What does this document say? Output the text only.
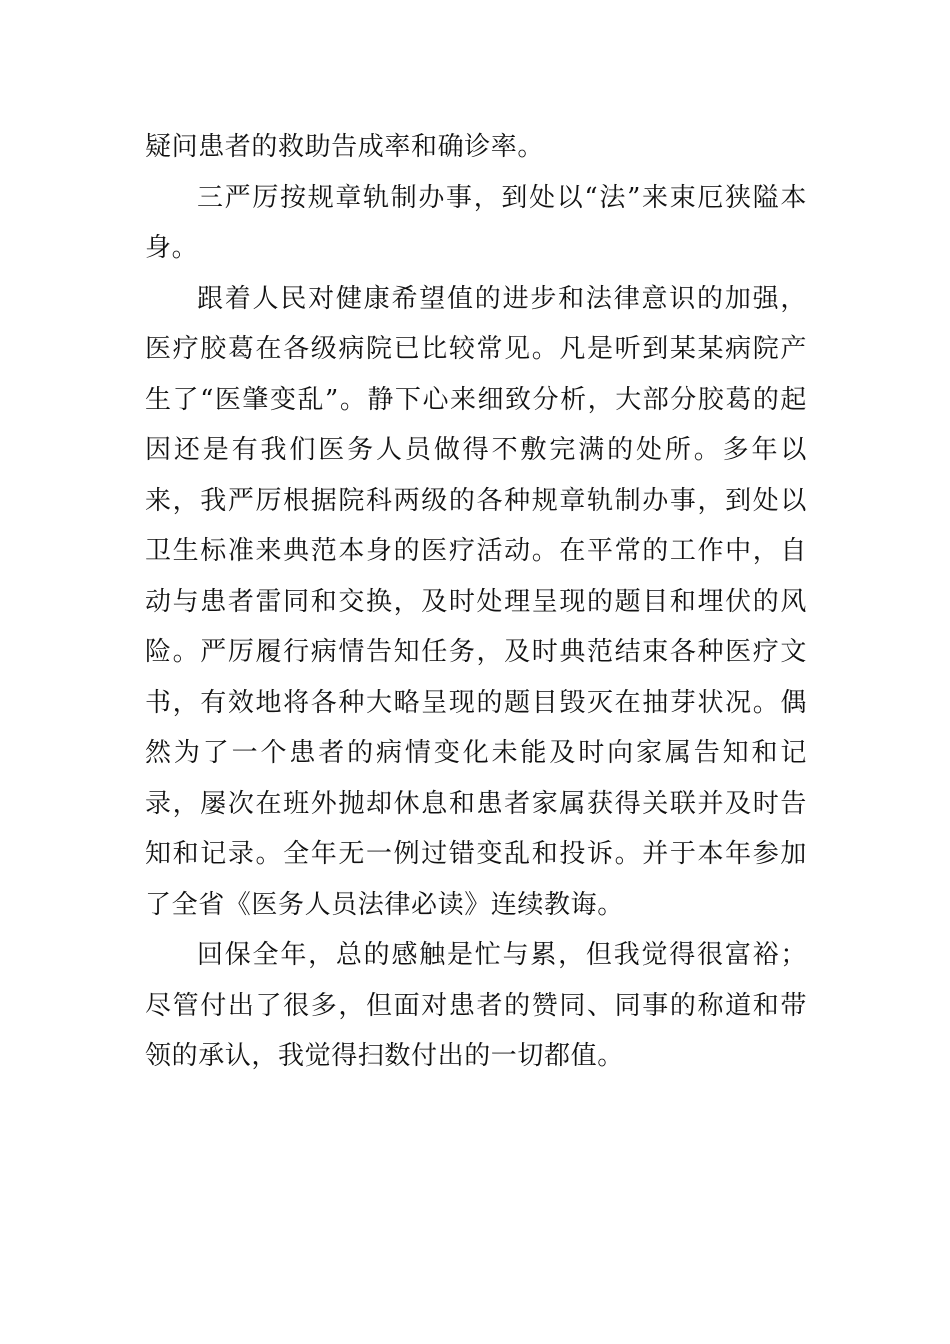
疑问患者的救助告成率和确诊率。

三严厉按规章轨制办事，到处以“法”来束厄狭隘本身。

跟着人民对健康希望值的进步和法律意识的加强，医疗胶葛在各级病院已比较常见。凡是听到某某病院产生了“医肇变乱”。静下心来细致分析，大部分胶葛的起因还是有我们医务人员做得不敷完满的处所。多年以来，我严厉根据院科两级的各种规章轨制办事，到处以卫生标准来典范本身的医疗活动。在平常的工作中，自动与患者雷同和交换，及时处理呈现的题目和埋伏的风险。严厉履行病情告知任务，及时典范结束各种医疗文书，有效地将各种大略呈现的题目毁灭在抽芽状况。偶然为了一个患者的病情变化未能及时向家属告知和记录，屡次在班外抛却休息和患者家属获得关联并及时告知和记录。全年无一例过错变乱和投诉。并于本年参加了全省《医务人员法律必读》连续教诲。

回保全年，总的感触是忙与累，但我觉得很富裕；尽管付出了很多，但面对患者的赞同、同事的称道和带领的承认，我觉得扫数付出的一切都值。
